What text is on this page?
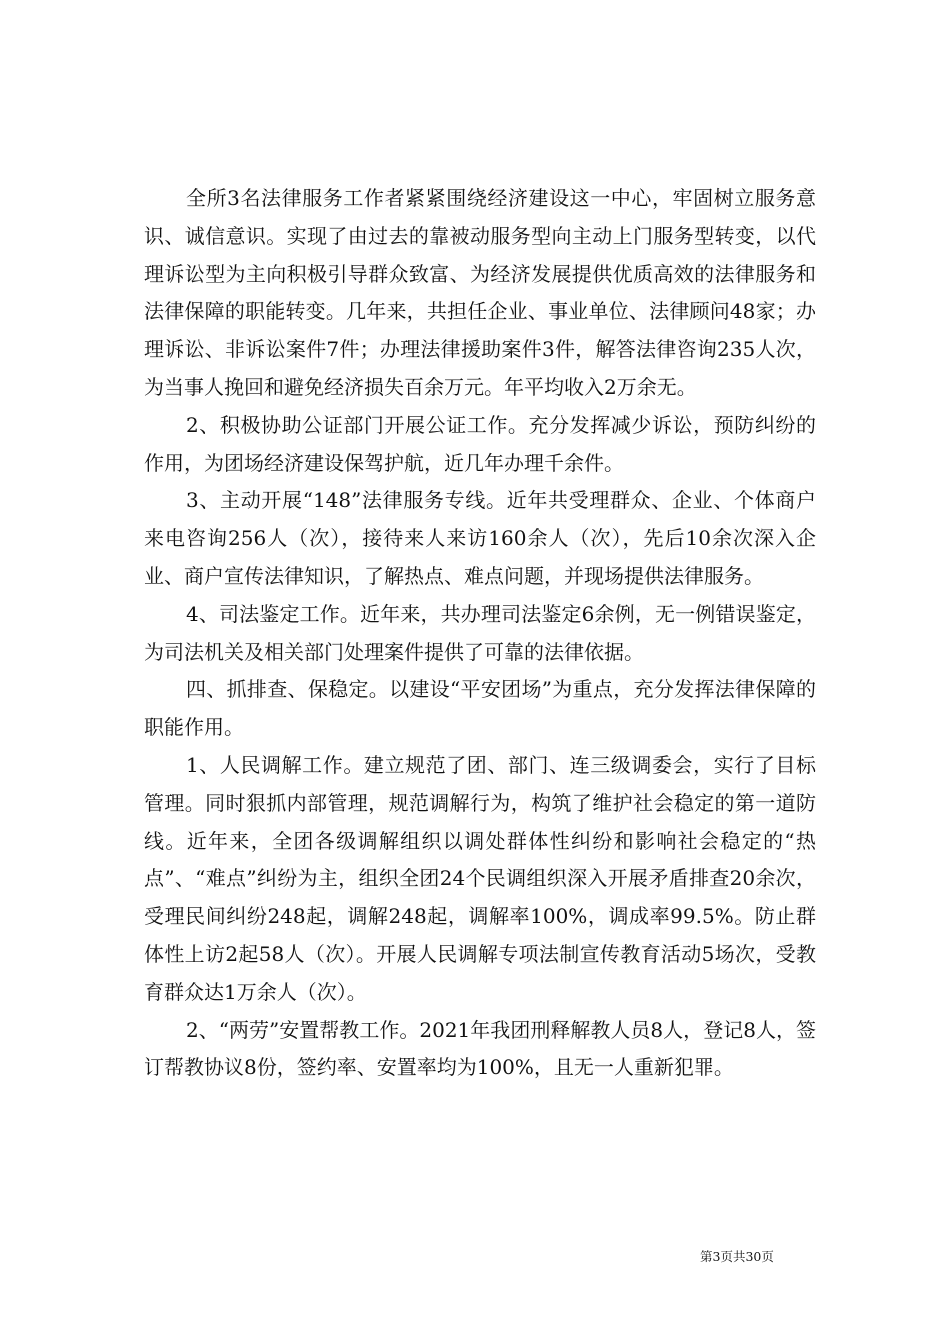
全所3名法律服务工作者紧紧围绕经济建设这一中心，牢固树立服务意识、诚信意识。实现了由过去的靠被动服务型向主动上门服务型转变，以代理诉讼型为主向积极引导群众致富、为经济发展提供优质高效的法律服务和法律保障的职能转变。几年来，共担任企业、事业单位、法律顾问48家；办理诉讼、非诉讼案件7件；办理法律援助案件3件，解答法律咨询235人次，为当事人挽回和避免经济损失百余万元。年平均收入2万余无。

2、积极协助公证部门开展公证工作。充分发挥减少诉讼，预防纠纷的作用，为团场经济建设保驾护航，近几年办理千余件。

3、主动开展“148”法律服务专线。近年共受理群众、企业、个体商户来电咨询256人（次），接待来人来访160余人（次），先后10余次深入企业、商户宣传法律知识，了解热点、难点问题，并现场提供法律服务。

4、司法鉴定工作。近年来，共办理司法鉴定6余例，无一例错误鉴定，为司法机关及相关部门处理案件提供了可靠的法律依据。

四、抓排查、保稳定。以建设“平安团场”为重点，充分发挥法律保障的职能作用。

1、人民调解工作。建立规范了团、部门、连三级调委会，实行了目标管理。同时狠抓内部管理，规范调解行为，构筑了维护社会稳定的第一道防线。近年来，全团各级调解组织以调处群体性纠纷和影响社会稳定的“热点”、“难点”纠纷为主，组织全团24个民调组织深入开展矛盾排查20余次，受理民间纠纷248起，调解248起，调解率100%，调成率99.5%。防止群体性上访2起58人（次）。开展人民调解专项法制宣传教育活动5场次，受教育群众达1万余人（次）。

2、“两劳”安置帮教工作。2021年我团刑释解教人员8人，登记8人，签订帮教协议8份，签约率、安置率均为100%，且无一人重新犯罪。

第3页共30页
